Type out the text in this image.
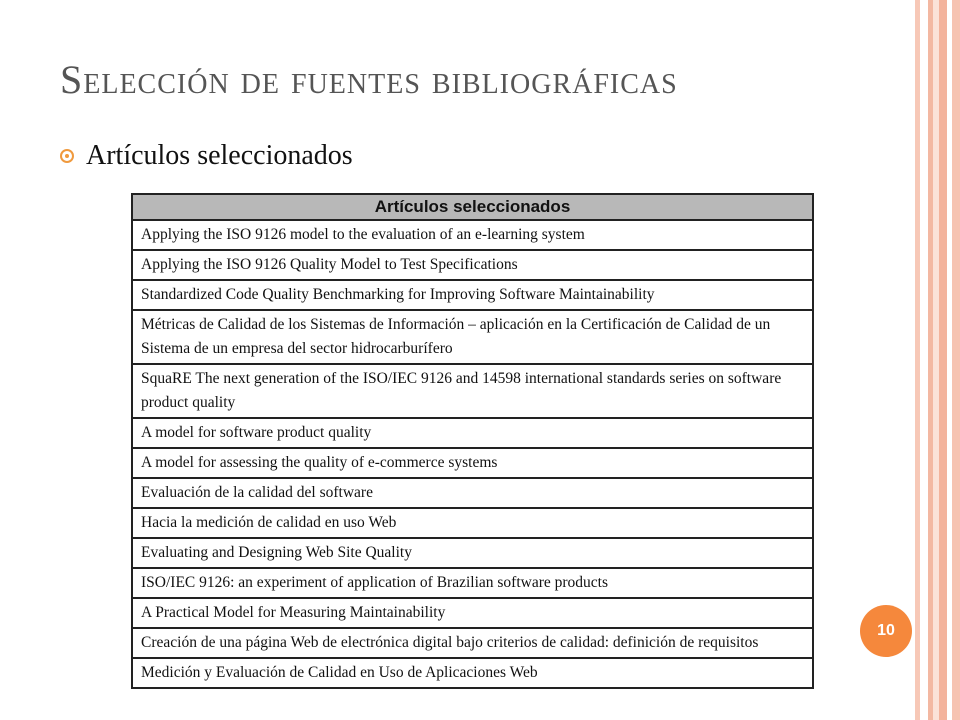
Selección de fuentes bibliográficas
Artículos seleccionados
Artículos seleccionados
Applying the ISO 9126 model to the evaluation of an e-learning system
Applying the ISO 9126 Quality Model to Test Specifications
Standardized Code Quality Benchmarking for Improving Software Maintainability
Métricas de Calidad de los Sistemas de Información – aplicación en la Certificación de Calidad de un Sistema de un empresa del sector hidrocarburífero
SquaRE The next generation of the ISO/IEC 9126 and 14598 international standards series on software product quality
A model for software product quality
A model for assessing the quality of e-commerce systems
Evaluación de la calidad del software
Hacia la medición de calidad en uso Web
Evaluating and Designing Web Site Quality
ISO/IEC 9126: an experiment of application of Brazilian software products
A Practical Model for Measuring Maintainability
Creación de una página Web de electrónica digital bajo criterios de calidad: definición de requisitos
Medición y Evaluación de Calidad en Uso de Aplicaciones Web
10
